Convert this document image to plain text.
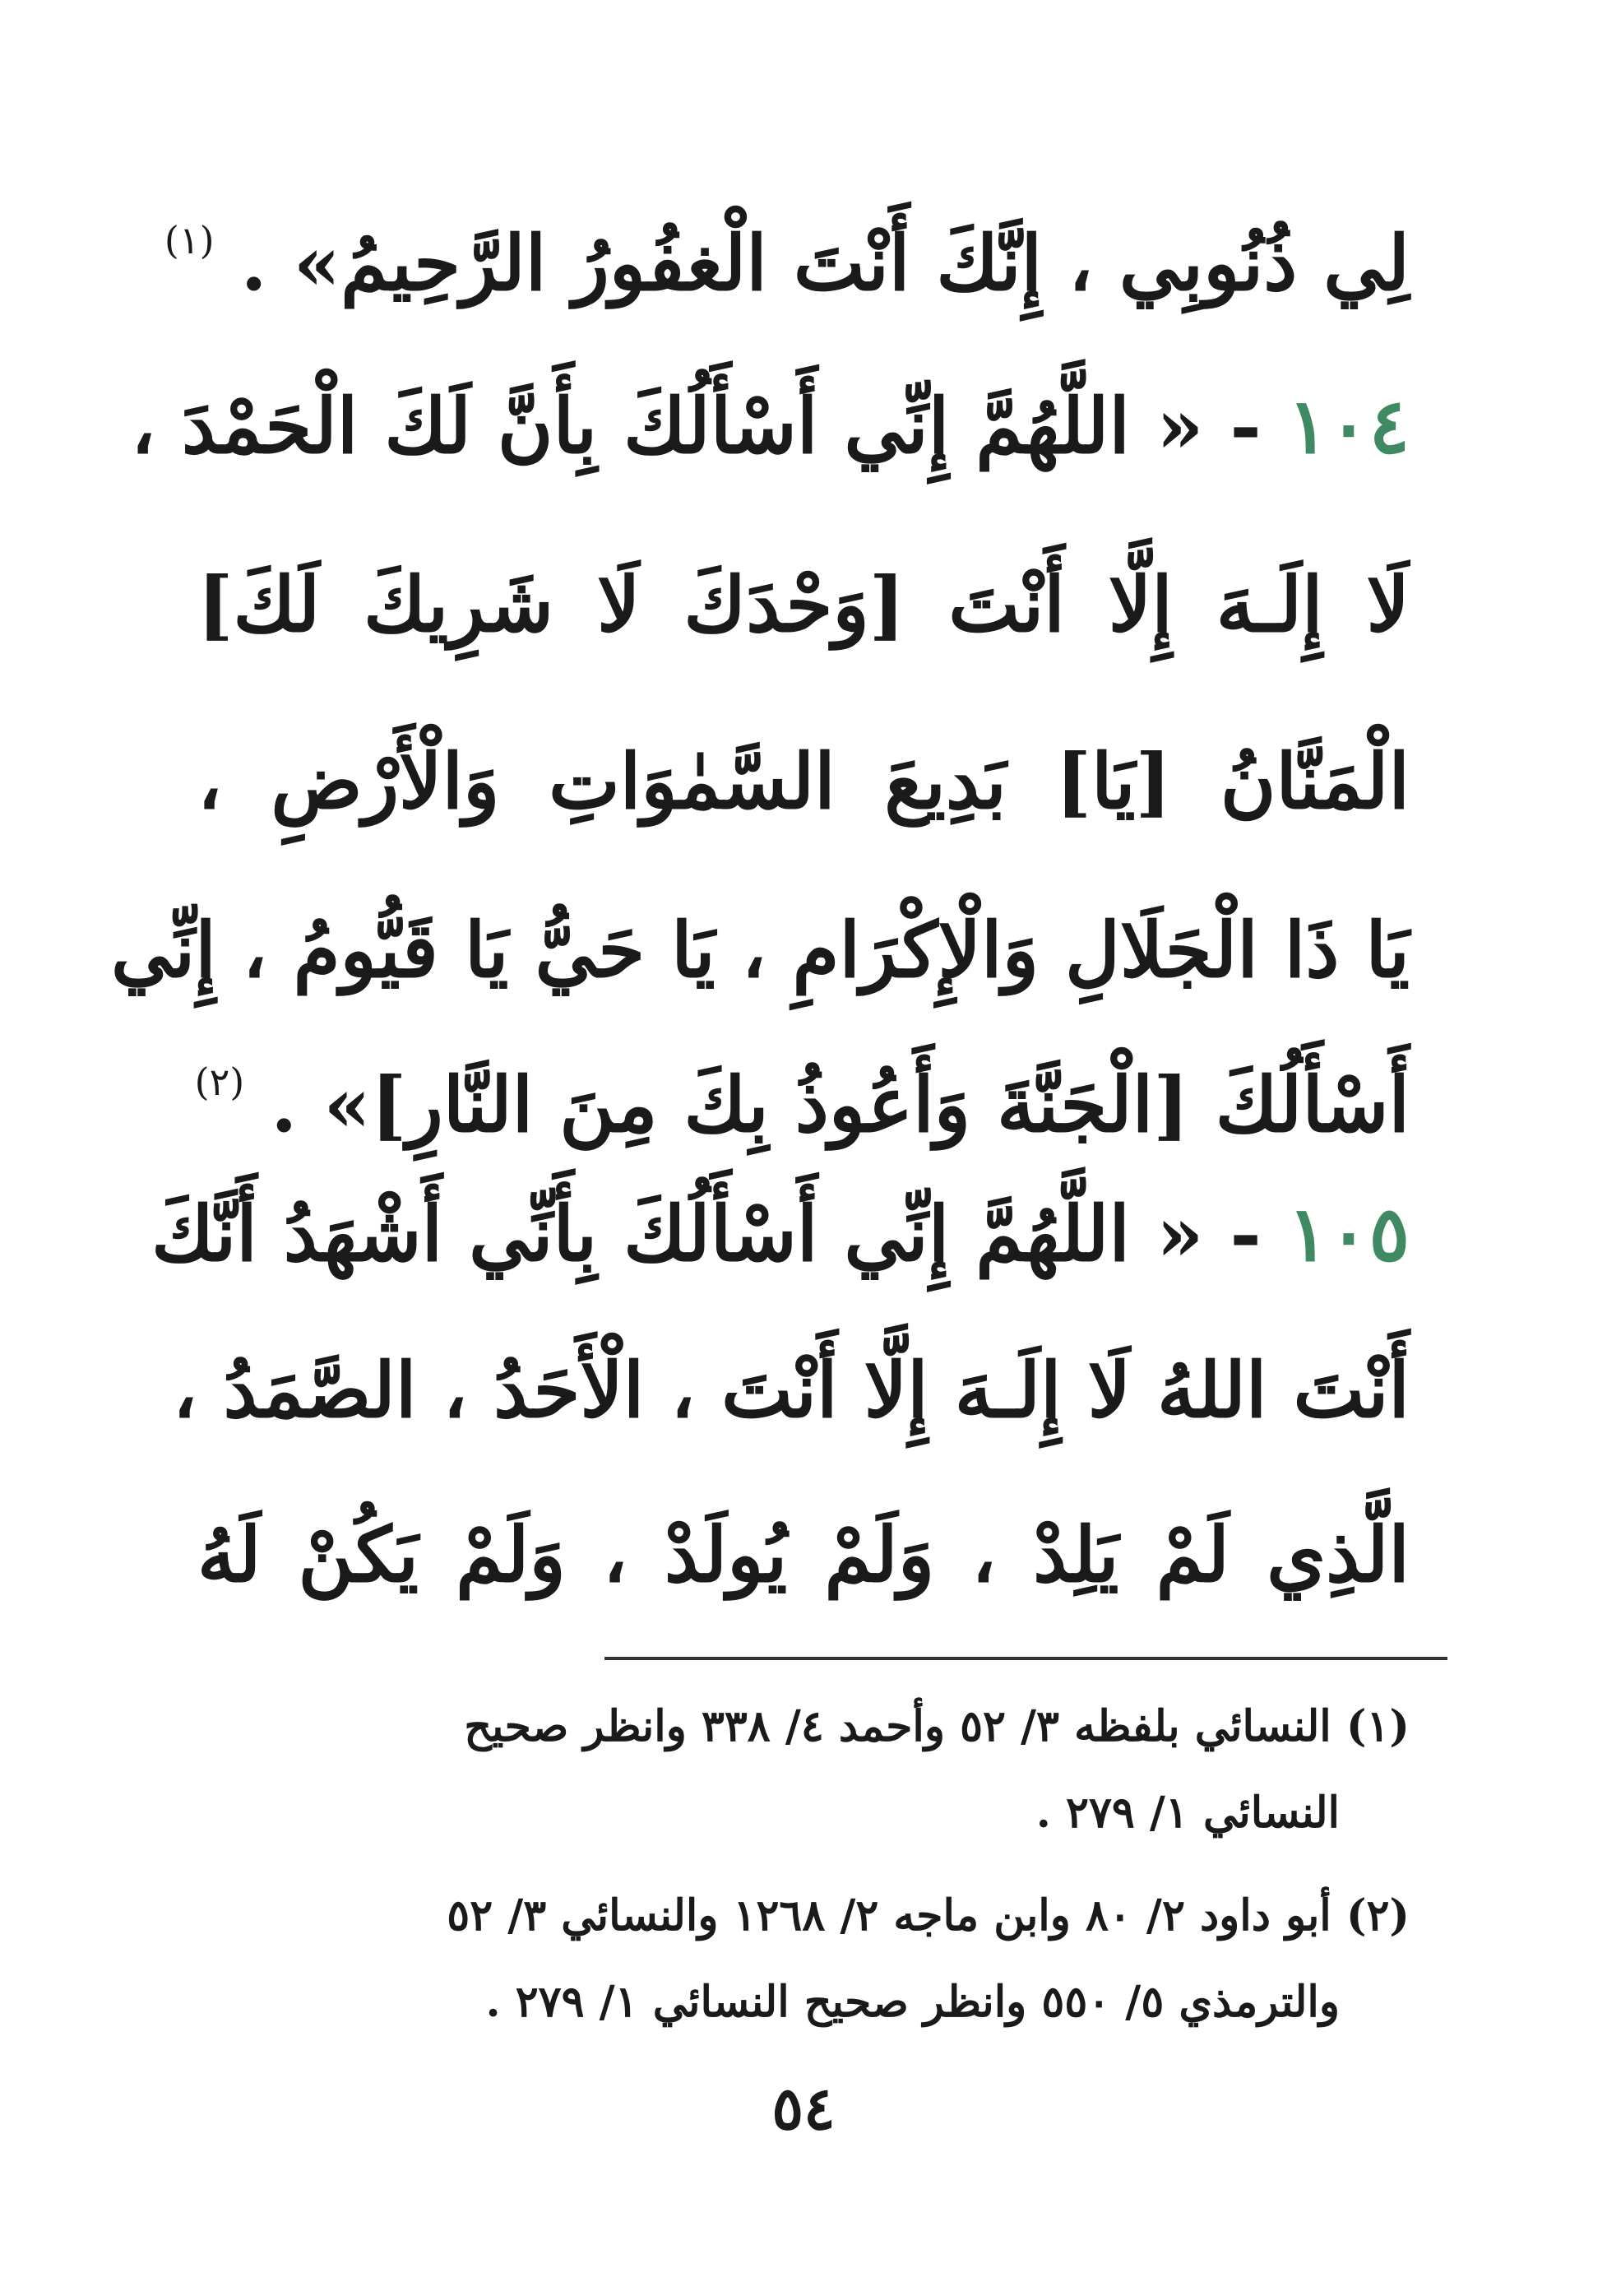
لِي ذُنُوبِي ، إِنَّكَ أَنْتَ الْغفُورُ الرَّحِيمُ» . $^{(١)}$
١٠٤ - « اللَّهُمَّ إِنِّي أَسْأَلُكَ بِأَنَّ لَكَ الْحَمْدَ ،
لَا إِلَـهَ إِلَّا أَنْتَ [وَحْدَكَ لَا شَرِيكَ لَكَ]
الْمَنَّانُ [يَا] بَدِيعَ السَّمٰوَاتِ وَالْأَرْضِ ،
يَا ذَا الْجَلَالِ وَالْإِكْرَامِ ، يَا حَيُّ يَا قَيُّومُ ، إِنِّي
أَسْأَلُكَ [الْجَنَّةَ وَأَعُوذُ بِكَ مِنَ النَّارِ]» . $^{(٢)}$
١٠٥ - « اللَّهُمَّ إِنِّي أَسْأَلُكَ بِأَنِّي أَشْهَدُ أَنَّكَ
أَنْتَ اللهُ لَا إِلَـهَ إِلَّا أَنْتَ ، الْأَحَدُ ، الصَّمَدُ ،
الَّذِي لَمْ يَلِدْ ، وَلَمْ يُولَدْ ، وَلَمْ يَكُنْ لَهُ
(١) النسائي بلفظه ٣/ ٥٢ وأحمد ٤/ ٣٣٨ وانظر صحيح
النسائي ١/ ٢٧٩ .
(٢) أبو داود ٢/ ٨٠ وابن ماجه ٢/ ١٢٦٨ والنسائي ٣/ ٥٢
والترمذي ٥/ ٥٥٠ وانظر صحيح النسائي ١/ ٢٧٩ .
٥٤
